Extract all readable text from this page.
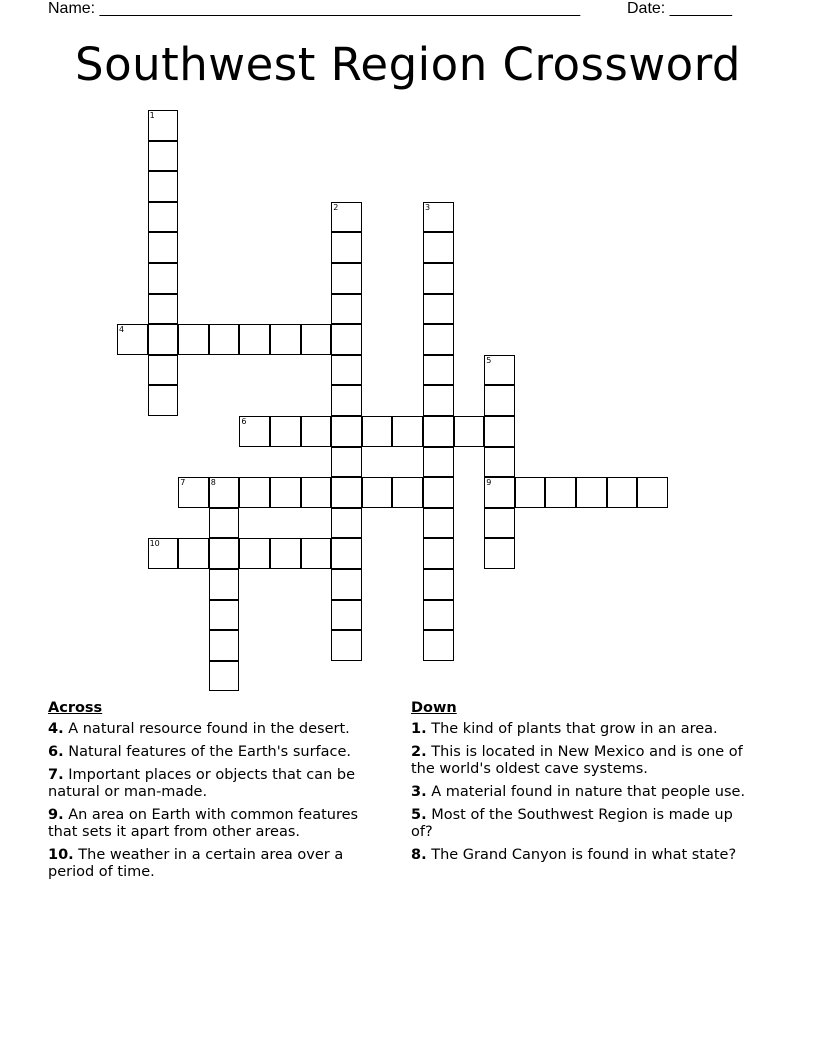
Name: ______________________________________________________	Date: _______
Southwest Region Crossword
1
2	3
4
5
9
6
7	8
10
Across
4. A natural resource found in the desert.
6. Natural features of the Earth's surface.
7. Important places or objects that can be natural or man-made.
9. An area on Earth with common features that sets it apart from other areas.
10. The weather in a certain area over a period of time.
Down
1. The kind of plants that grow in an area.
2. This is located in New Mexico and is one of the world's oldest cave systems.
3. A material found in nature that people use.
5. Most of the Southwest Region is made up of?
8. The Grand Canyon is found in what state?
